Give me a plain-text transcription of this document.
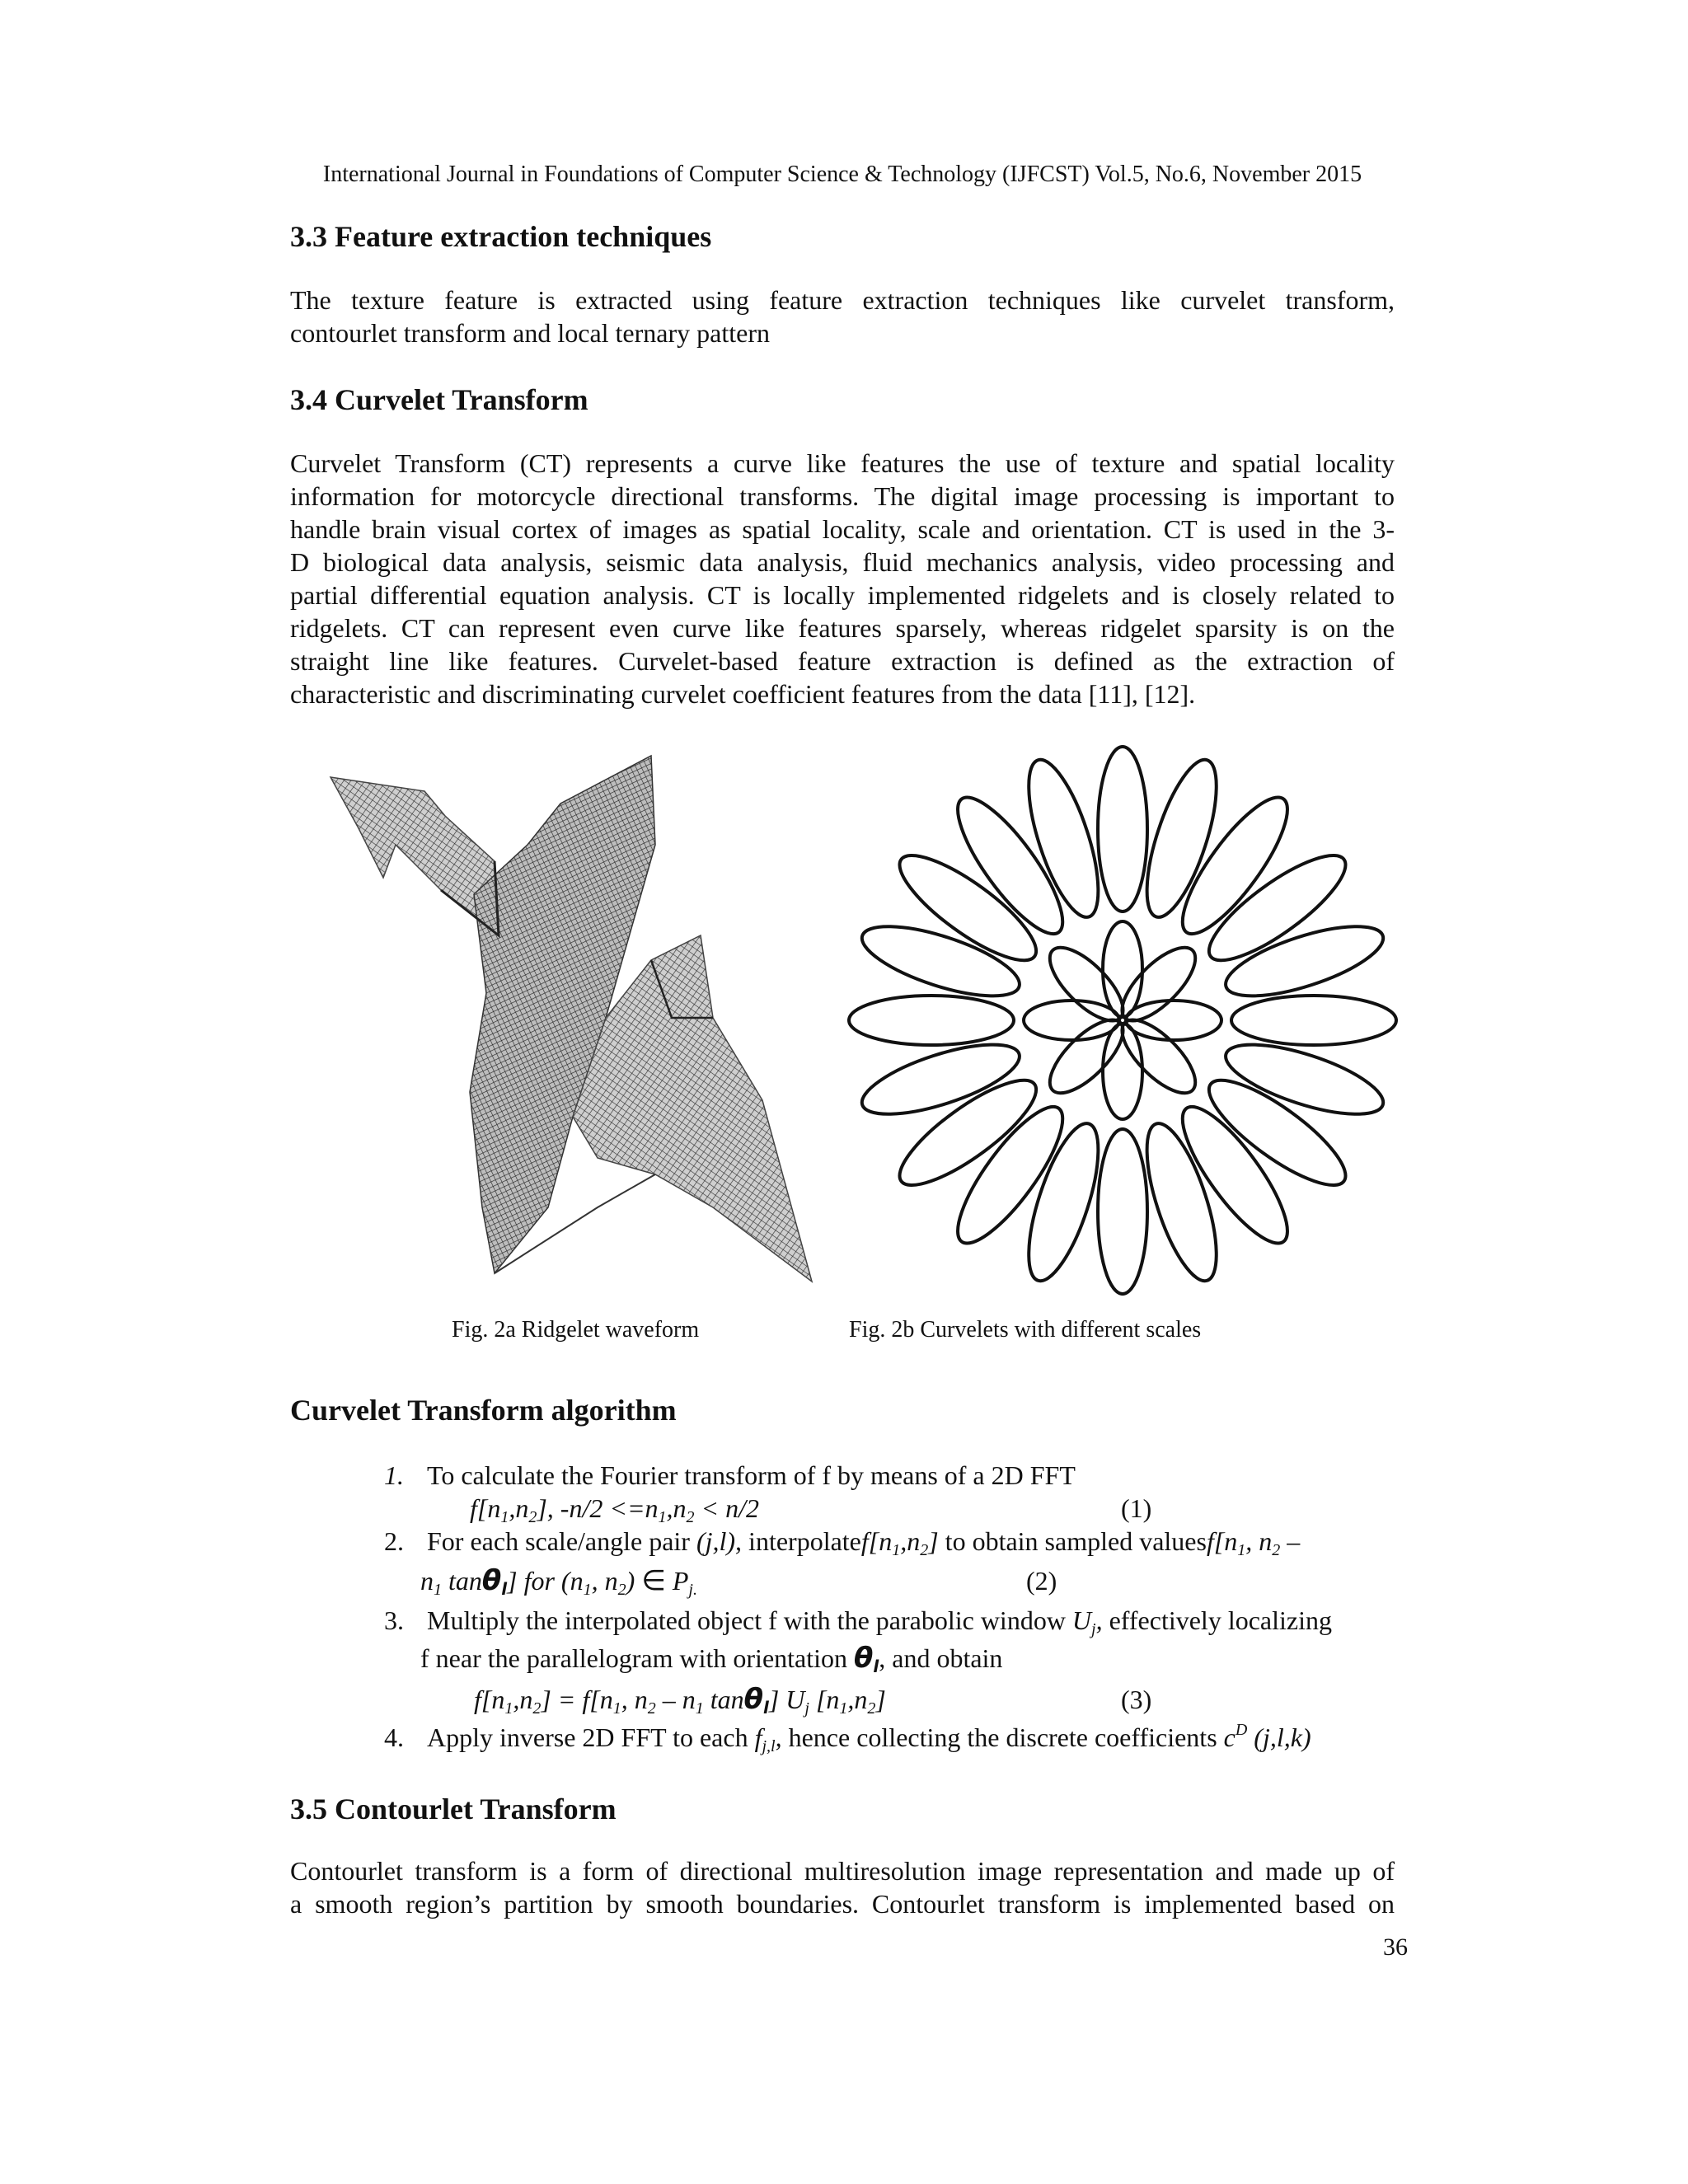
International Journal in Foundations of Computer Science & Technology (IJFCST) Vol.5, No.6, November 2015
3.3 Feature extraction techniques
The texture feature is extracted using feature extraction techniques like curvelet transform,
contourlet transform and local ternary pattern
3.4 Curvelet Transform
Curvelet Transform (CT) represents a curve like features the use of texture and spatial locality
information for motorcycle directional transforms. The digital image processing is important to
handle brain visual cortex of images as spatial locality, scale and orientation. CT is used in the 3-
D biological data analysis, seismic data analysis, fluid mechanics analysis, video processing and
partial differential equation analysis. CT is locally implemented ridgelets and is closely related to
ridgelets. CT can represent even curve like features sparsely, whereas ridgelet sparsity is on the
straight line like features. Curvelet-based feature extraction is defined as the extraction of
characteristic and discriminating curvelet coefficient features from the data [11], [12].
Fig. 2a Ridgelet waveform	Fig. 2b Curvelets with different scales
Curvelet Transform algorithm
1. To calculate the Fourier transform of f by means of a 2D FFT
$f[n_1,n_2]$, $-n/2 <=n_1,n_2 < n/2$	(1)
2. For each scale/angle pair (j,l), $interpolatef[n_1,n_2]$ to obtain sampled $valuesf[n_1$, $n_2$ –
$n_1$ tanθ$_l$] for ($n_1$, $n_2$) ∈ $P_{j.}$	(2)
3. Multiply the interpolated object f with the parabolic window $U_j$, effectively localizing
f near the parallelogram with orientation $\theta_l$, and obtain
$f[n_1,n_2] = f[n_1$, $n_2 - n_1$ tanθ$_l$] $U_j$ $[n_1,n_2]$	(3)
4. Apply inverse 2D FFT to each $f_{j,l}$, hence collecting the discrete coefficients $c^D$ (j,l,k)
3.5 Contourlet Transform
Contourlet transform is a form of directional multiresolution image representation and made up of
a smooth region’s partition by smooth boundaries. Contourlet transform is implemented based on
36
